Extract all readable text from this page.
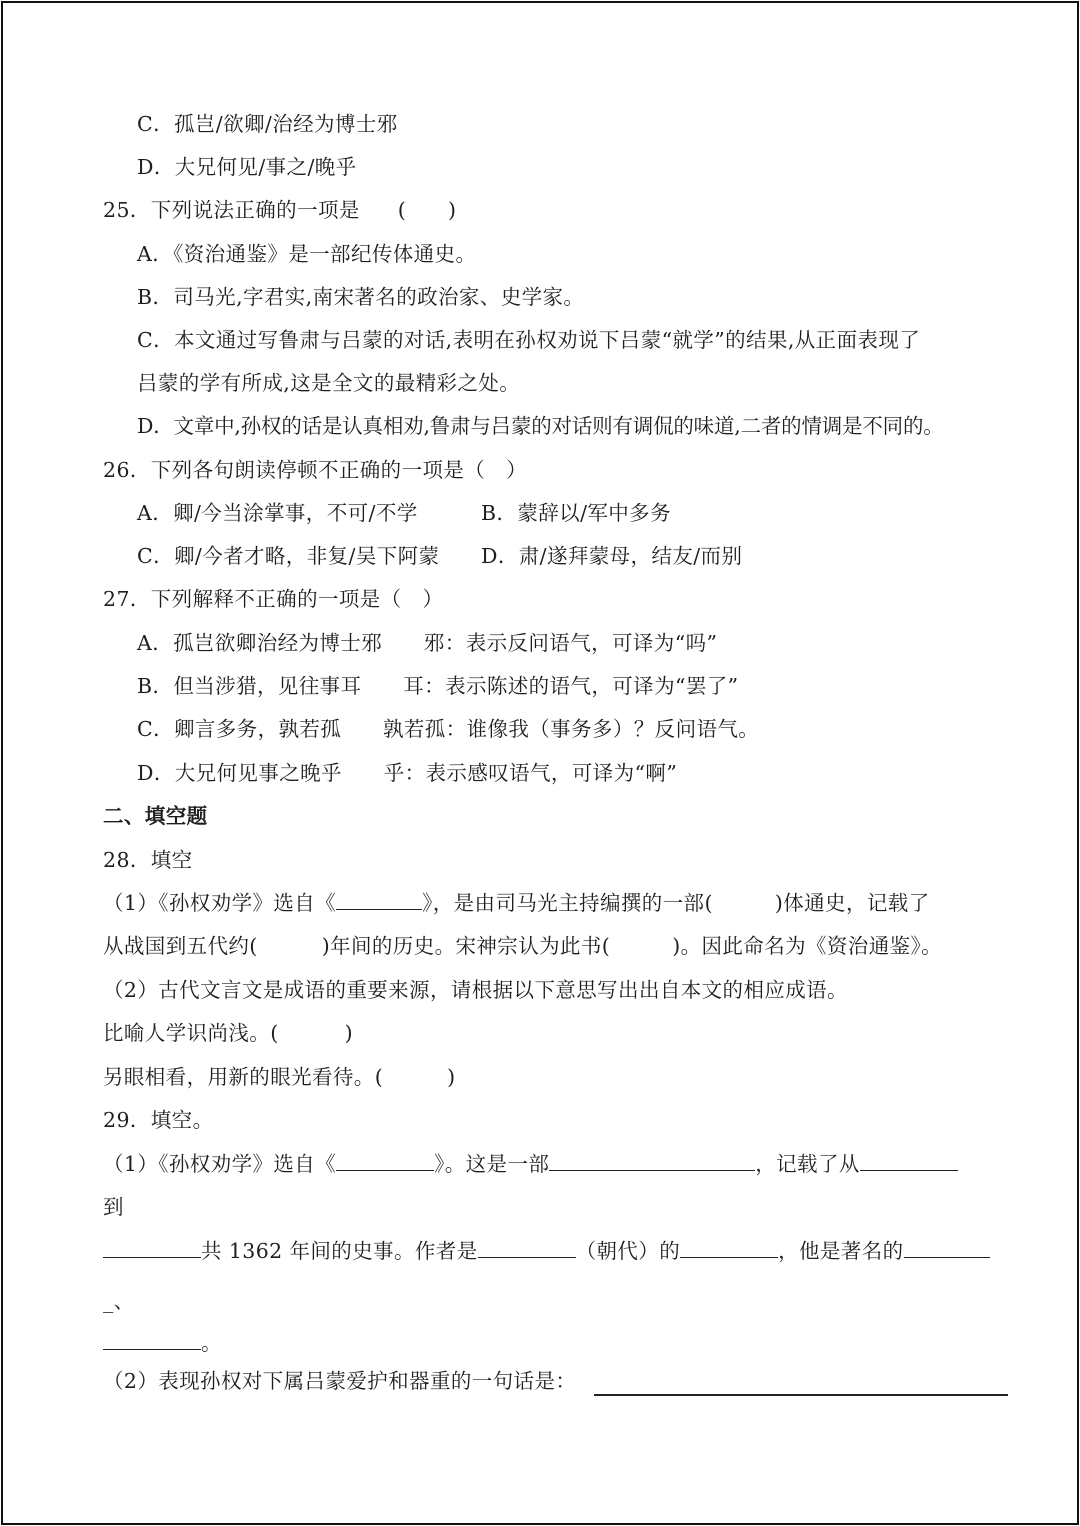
C．孤岂/欲卿/治经为博士邪
D．大兄何见/事之/晚乎
25．下列说法正确的一项是 (　　)
A．《资治通鉴》是一部纪传体通史。
B．司马光,字君实,南宋著名的政治家、史学家。
C．本文通过写鲁肃与吕蒙的对话,表明在孙权劝说下吕蒙“就学”的结果,从正面表现了
吕蒙的学有所成,这是全文的最精彩之处。
D．文章中,孙权的话是认真相劝,鲁肃与吕蒙的对话则有调侃的味道,二者的情调是不同的。
26．下列各句朗读停顿不正确的一项是（　）
A．卿/今当涂掌事，不可/不学	B．蒙辞以/军中多务
C．卿/今者才略，非复/吴下阿蒙 D．肃/遂拜蒙母，结友/而别
27．下列解释不正确的一项是（　）
A．孤岂欲卿治经为博士邪　　邪：表示反问语气，可译为“吗”
B．但当涉猎，见往事耳　　耳：表示陈述的语气，可译为“罢了”
C．卿言多务，孰若孤　　孰若孤：谁像我（事务多）？反问语气。
D．大兄何见事之晚乎　　乎：表示感叹语气，可译为“啊”
二、填空题
28．填空
（1）《孙权劝学》选自《	》，是由司马光主持编撰的一部(	)体通史，记载了
从战国到五代约(	)年间的历史。宋神宗认为此书(	)。因此命名为《资治通鉴》。
（2）古代文言文是成语的重要来源，请根据以下意思写出出自本文的相应成语。
比喻人学识尚浅。(	)
另眼相看，用新的眼光看待。(	)
29．填空。
（1）《孙权劝学》选自《	》。这是一部	，记载了从
到
共 1362 年间的史事。作者是	（朝代）的	，他是著名的
_、
。
（2）表现孙权对下属吕蒙爱护和器重的一句话是：
